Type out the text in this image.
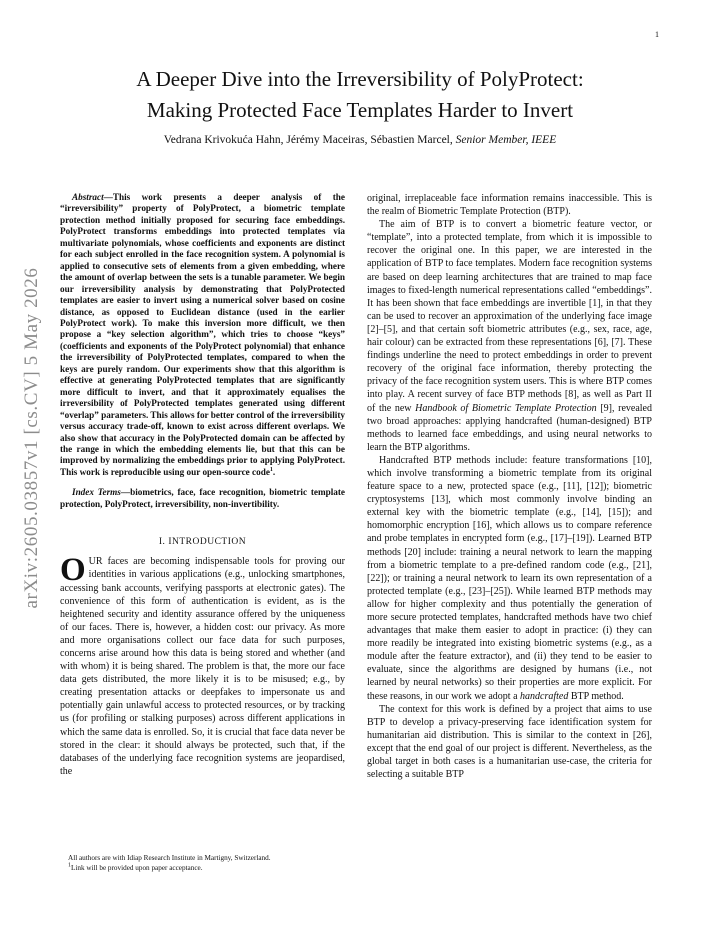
1
arXiv:2605.03857v1 [cs.CV] 5 May 2026
A Deeper Dive into the Irreversibility of PolyProtect:
Making Protected Face Templates Harder to Invert
Vedrana Krivokuća Hahn, Jérémy Maceiras, Sébastien Marcel, Senior Member, IEEE

Abstract—This work presents a deeper analysis of the “irreversibility” property of PolyProtect, a biometric template protection method initially proposed for securing face embeddings. PolyProtect transforms embeddings into protected templates via multivariate polynomials, whose coefficients and exponents are distinct for each subject enrolled in the face recognition system. A polynomial is applied to consecutive sets of elements from a given embedding, where the amount of overlap between the sets is a tunable parameter. We begin our irreversibility analysis by demonstrating that PolyProtected templates are easier to invert using a numerical solver based on cosine distance, as opposed to Euclidean distance (used in the earlier PolyProtect work). To make this inversion more difficult, we then propose a “key selection algorithm”, which tries to choose “keys” (coefficients and exponents of the PolyProtect polynomial) that enhance the irreversibility of PolyProtected templates, compared to when the keys are purely random. Our experiments show that this algorithm is effective at generating PolyProtected templates that are significantly more difficult to invert, and that it approximately equalises the irreversibility of PolyProtected templates generated using different “overlap” parameters. This allows for better control of the irreversibility versus accuracy trade-off, known to exist across different overlaps. We also show that accuracy in the PolyProtected domain can be affected by the range in which the embedding elements lie, but that this can be improved by normalizing the embeddings prior to applying PolyProtect. This work is reproducible using our open-source code$^1$.

Index Terms—biometrics, face, face recognition, biometric template protection, PolyProtect, irreversibility, non-invertibility.

I. INTRODUCTION

OUR faces are becoming indispensable tools for proving our identities in various applications (e.g., unlocking smartphones, accessing bank accounts, verifying passports at electronic gates). The convenience of this form of authentication is evident, as is the heightened security and identity assurance offered by the uniqueness of our faces. There is, however, a hidden cost: our privacy. As more and more organisations collect our face data for such purposes, concerns arise around how this data is being stored and whether (and with whom) it is being shared. The problem is that, the more our face data gets distributed, the more likely it is to be misused; e.g., by creating presentation attacks or deepfakes to impersonate us and potentially gain unlawful access to protected resources, or by tracking us (for profiling or stalking purposes) across different applications in which the same data is enrolled. So, it is crucial that face data never be stored in the clear: it should always be protected, such that, if the databases of the underlying face recognition systems are jeopardised, the

All authors are with Idiap Research Institute in Martigny, Switzerland.
$^1$Link will be provided upon paper acceptance.

original, irreplaceable face information remains inaccessible. This is the realm of Biometric Template Protection (BTP).

The aim of BTP is to convert a biometric feature vector, or “template”, into a protected template, from which it is impossible to recover the original one. In this paper, we are interested in the application of BTP to face templates. Modern face recognition systems are based on deep learning architectures that are trained to map face images to fixed-length numerical representations called “embeddings”. It has been shown that face embeddings are invertible [1], in that they can be used to recover an approximation of the underlying face image [2]–[5], and that certain soft biometric attributes (e.g., sex, race, age, hair colour) can be extracted from these representations [6], [7]. These findings underline the need to protect embeddings in order to prevent recovery of the original face information, thereby protecting the privacy of the face recognition system users. This is where BTP comes into play. A recent survey of face BTP methods [8], as well as Part II of the new Handbook of Biometric Template Protection [9], revealed two broad approaches: applying handcrafted (human-designed) BTP methods to learned face embeddings, and using neural networks to learn the BTP algorithms.

Handcrafted BTP methods include: feature transformations [10], which involve transforming a biometric template from its original feature space to a new, protected space (e.g., [11], [12]); biometric cryptosystems [13], which most commonly involve binding an external key with the biometric template (e.g., [14], [15]); and homomorphic encryption [16], which allows us to compare reference and probe templates in encrypted form (e.g., [17]–[19]). Learned BTP methods [20] include: training a neural network to learn the mapping from a biometric template to a pre-defined random code (e.g., [21], [22]); or training a neural network to learn its own representation of a protected template (e.g., [23]–[25]). While learned BTP methods may allow for higher complexity and thus potentially the generation of more secure protected templates, handcrafted methods have two chief advantages that make them easier to adopt in practice: (i) they can more readily be integrated into existing biometric systems (e.g., as a module after the feature extractor), and (ii) they tend to be easier to evaluate, since the algorithms are designed by humans (i.e., not learned by neural networks) so their properties are more explicit. For these reasons, in our work we adopt a handcrafted BTP method.

The context for this work is defined by a project that aims to use BTP to develop a privacy-preserving face identification system for humanitarian aid distribution. This is similar to the context in [26], except that the end goal of our project is different. Nevertheless, as the global target in both cases is a humanitarian use-case, the criteria for selecting a suitable BTP
